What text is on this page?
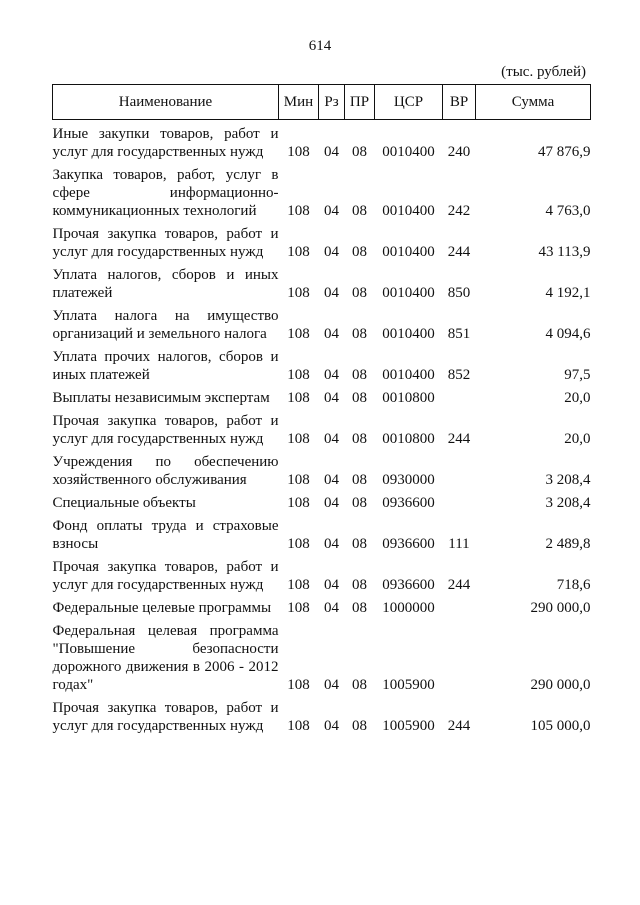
614
(тыс. рублей)
Наименование	Мин	Рз	ПР	ЦСР	ВР	Сумма
Иные закупки товаров, работ и услуг для государственных нужд	108	04	08	0010400	240	47 876,9
Закупка товаров, работ, услуг в сфере информационно-коммуникационных технологий	108	04	08	0010400	242	4 763,0
Прочая закупка товаров, работ и услуг для государственных нужд	108	04	08	0010400	244	43 113,9
Уплата налогов, сборов и иных платежей	108	04	08	0010400	850	4 192,1
Уплата налога на имущество организаций и земельного налога	108	04	08	0010400	851	4 094,6
Уплата прочих налогов, сборов и иных платежей	108	04	08	0010400	852	97,5
Выплаты независимым экспертам	108	04	08	0010800		20,0
Прочая закупка товаров, работ и услуг для государственных нужд	108	04	08	0010800	244	20,0
Учреждения по обеспечению хозяйственного обслуживания	108	04	08	0930000		3 208,4
Специальные объекты	108	04	08	0936600		3 208,4
Фонд оплаты труда и страховые взносы	108	04	08	0936600	111	2 489,8
Прочая закупка товаров, работ и услуг для государственных нужд	108	04	08	0936600	244	718,6
Федеральные целевые программы	108	04	08	1000000		290 000,0
Федеральная целевая программа "Повышение безопасности дорожного движения в 2006 - 2012 годах"	108	04	08	1005900		290 000,0
Прочая закупка товаров, работ и услуг для государственных нужд	108	04	08	1005900	244	105 000,0
